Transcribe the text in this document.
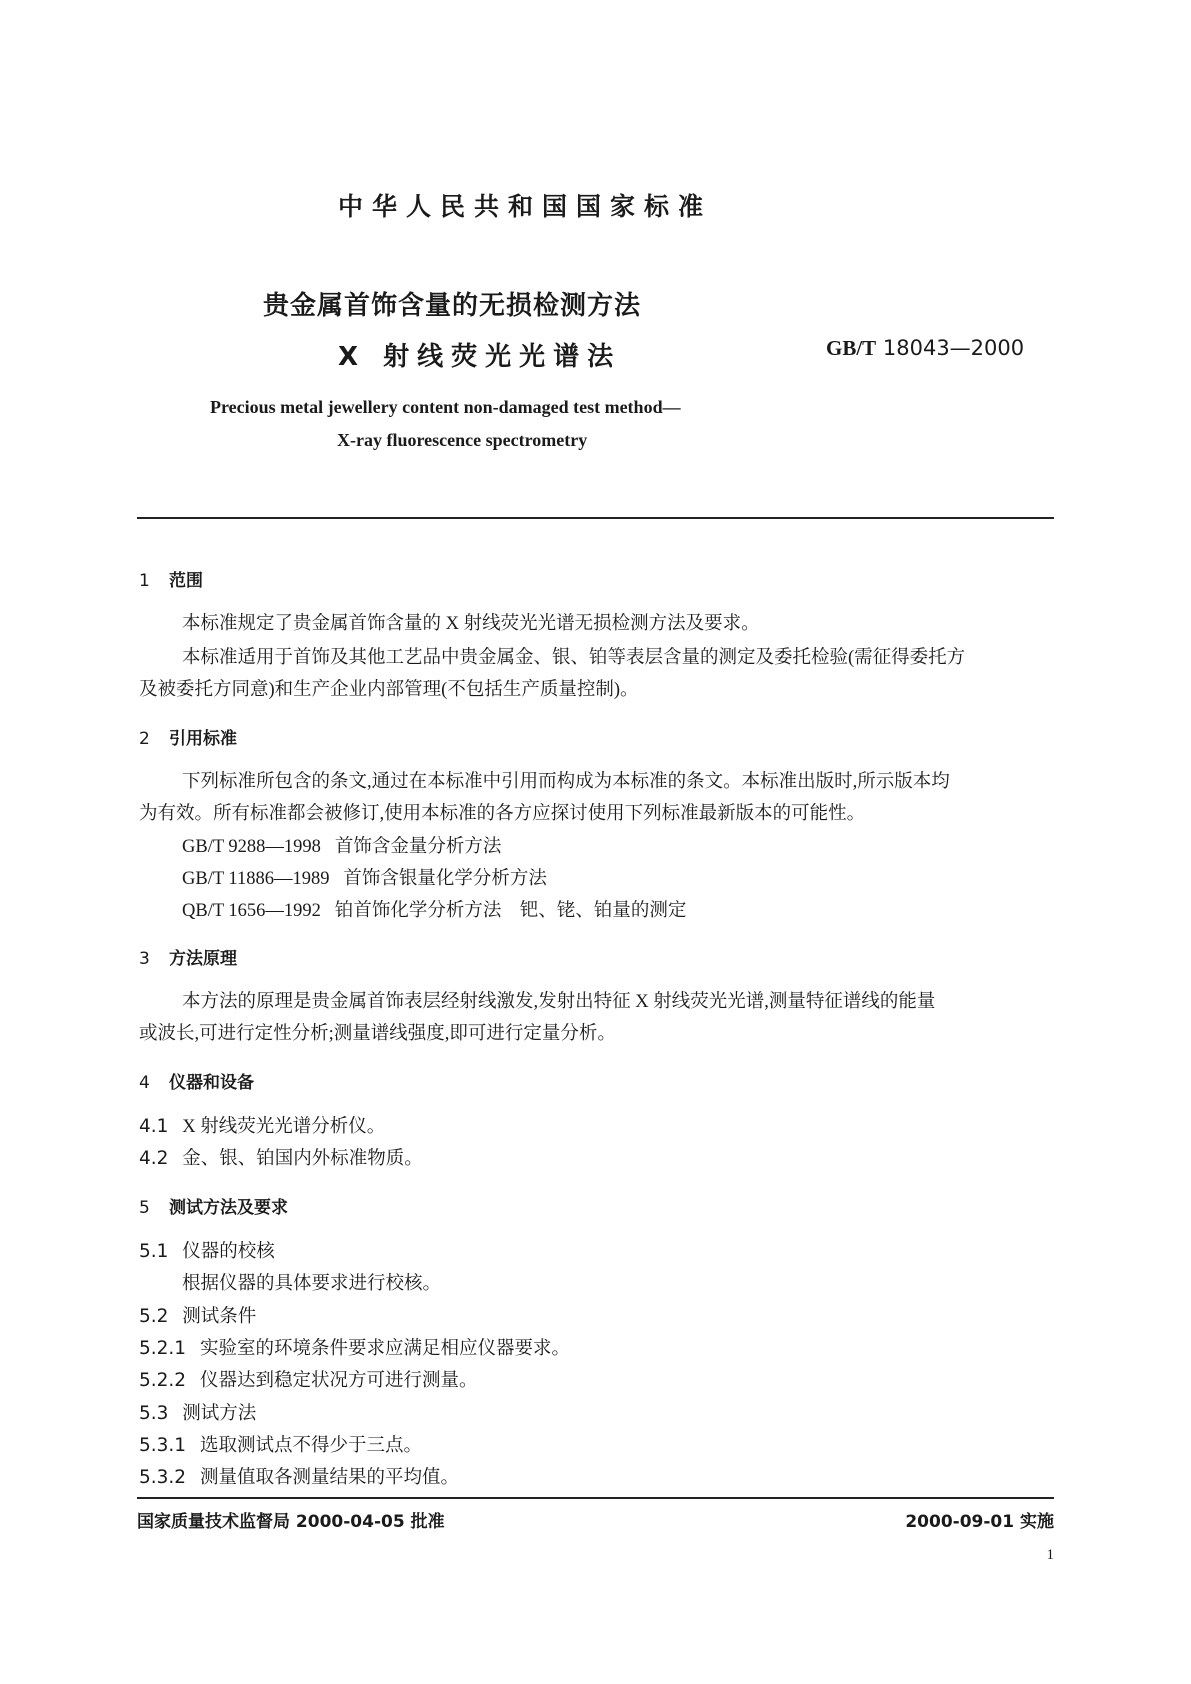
中华人民共和国国家标准
贵金属首饰含量的无损检测方法
X 射线荧光光谱法	GB/T 18043—2000
Precious metal jewellery content non-damaged test method—
X-ray fluorescence spectrometry
1 范围
本标准规定了贵金属首饰含量的 X 射线荧光光谱无损检测方法及要求。
本标准适用于首饰及其他工艺品中贵金属金、银、铂等表层含量的测定及委托检验(需征得委托方
及被委托方同意)和生产企业内部管理(不包括生产质量控制)。
2 引用标准
下列标准所包含的条文,通过在本标准中引用而构成为本标准的条文。本标准出版时,所示版本均
为有效。所有标准都会被修订,使用本标准的各方应探讨使用下列标准最新版本的可能性。
GB/T 9288—1998 首饰含金量分析方法
GB/T 11886—1989 首饰含银量化学分析方法
QB/T 1656—1992 铂首饰化学分析方法　钯、铑、铂量的测定
3 方法原理
本方法的原理是贵金属首饰表层经射线激发,发射出特征 X 射线荧光光谱,测量特征谱线的能量
或波长,可进行定性分析;测量谱线强度,即可进行定量分析。
4 仪器和设备
4.1 X 射线荧光光谱分析仪。
4.2 金、银、铂国内外标准物质。
5 测试方法及要求
5.1 仪器的校核
根据仪器的具体要求进行校核。
5.2 测试条件
5.2.1 实验室的环境条件要求应满足相应仪器要求。
5.2.2 仪器达到稳定状况方可进行测量。
5.3 测试方法
5.3.1 选取测试点不得少于三点。
5.3.2 测量值取各测量结果的平均值。
国家质量技术监督局 2000-04-05 批准	2000-09-01 实施
1
